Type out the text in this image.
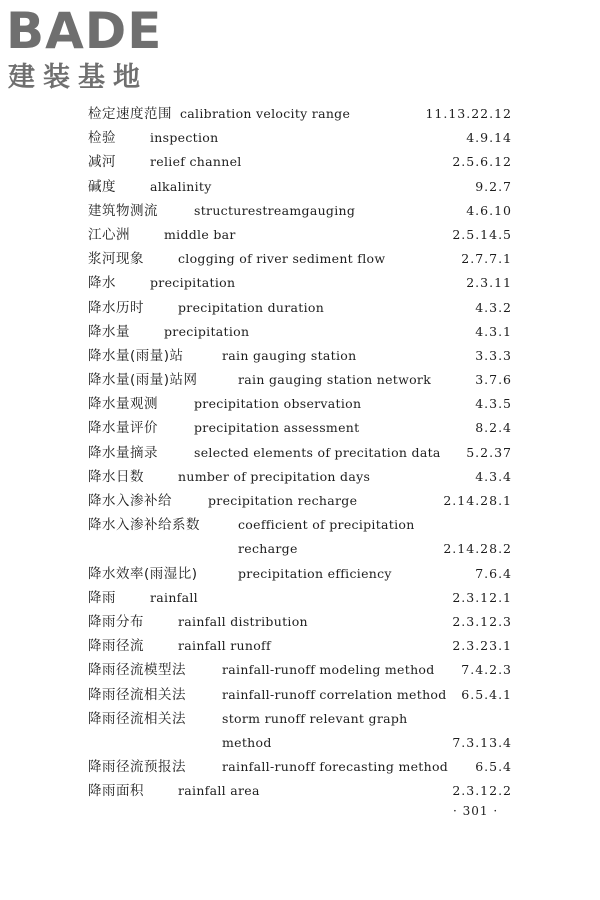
BADE
建装基地
检定速度范围 calibration velocity range	11.13.22.12
检验	inspection	4.9.14
减河	relief channel	2.5.6.12
碱度	alkalinity	9.2.7
建筑物测流	structurestreamgauging	4.6.10
江心洲	middle bar	2.5.14.5
浆河现象	clogging of river sediment flow	2.7.7.1
降水	precipitation	2.3.11
降水历时	precipitation duration	4.3.2
降水量	precipitation	4.3.1
降水量(雨量)站	rain gauging station	3.3.3
降水量(雨量)站网	rain gauging station network	3.7.6
降水量观测	precipitation observation	4.3.5
降水量评价	precipitation assessment	8.2.4
降水量摘录	selected elements of precitation data 5.2.37
降水日数	number of precipitation days	4.3.4
降水入渗补给	precipitation recharge	2.14.28.1
降水入渗补给系数	coefficient of precipitation
recharge	2.14.28.2
降水效率(雨湿比)	precipitation efficiency	7.6.4
降雨	rainfall	2.3.12.1
降雨分布	rainfall distribution	2.3.12.3
降雨径流	rainfall runoff	2.3.23.1
降雨径流模型法	rainfall-runoff modeling method 7.4.2.3
降雨径流相关法	rainfall-runoff correlation method 6.5.4.1
降雨径流相关法	storm runoff relevant graph
method	7.3.13.4
降雨径流预报法	rainfall-runoff forecasting method 6.5.4
降雨面积	rainfall area	2.3.12.2
· 301 ·
